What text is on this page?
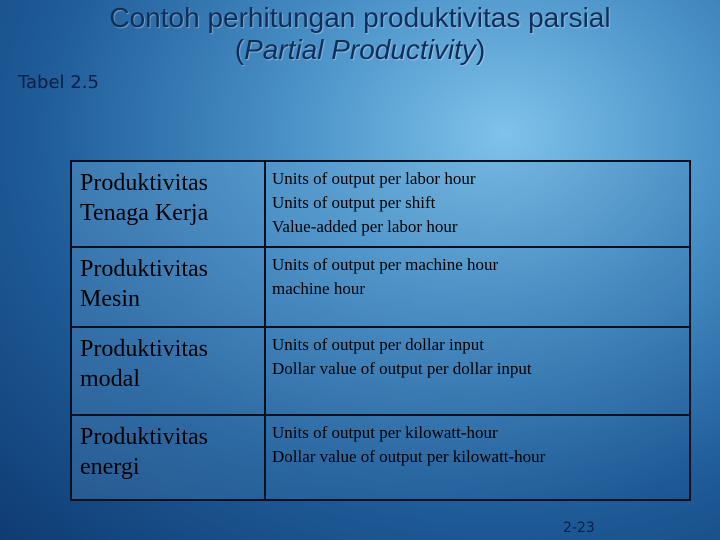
Contoh perhitungan produktivitas parsial
(Partial Productivity)
Tabel 2.5
Produktivitas
Tenaga Kerja	Units of output per labor hour
Units of output per shift
Value-added per labor hour

Produktivitas
Mesin	Units of output per machine hour
machine hour

Produktivitas
modal	Units of output per dollar input
Dollar value of output per dollar input

Produktivitas
energi	Units of output per kilowatt-hour
Dollar value of output per kilowatt-hour
2-23
